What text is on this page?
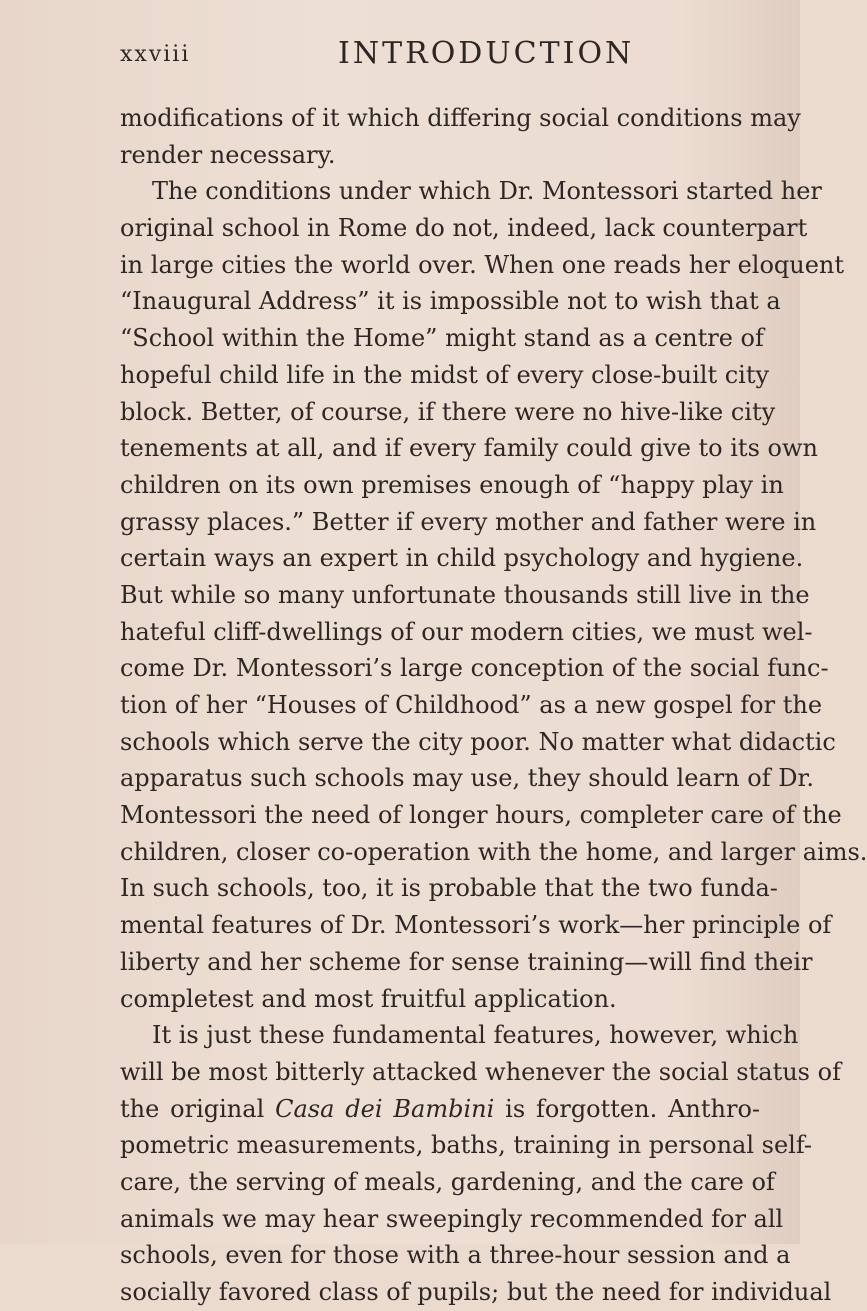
xxviii	INTRODUCTION
modifications of it which differing social conditions may
render necessary.
The conditions under which Dr. Montessori started her
original school in Rome do not, indeed, lack counterpart
in large cities the world over. When one reads her eloquent
“Inaugural Address” it is impossible not to wish that a
“School within the Home” might stand as a centre of
hopeful child life in the midst of every close-built city
block. Better, of course, if there were no hive-like city
tenements at all, and if every family could give to its own
children on its own premises enough of “happy play in
grassy places.” Better if every mother and father were in
certain ways an expert in child psychology and hygiene.
But while so many unfortunate thousands still live in the
hateful cliff-dwellings of our modern cities, we must wel-
come Dr. Montessori’s large conception of the social func-
tion of her “Houses of Childhood” as a new gospel for the
schools which serve the city poor. No matter what didactic
apparatus such schools may use, they should learn of Dr.
Montessori the need of longer hours, completer care of the
children, closer co-operation with the home, and larger aims.
In such schools, too, it is probable that the two funda-
mental features of Dr. Montessori’s work—her principle of
liberty and her scheme for sense training—will find their
completest and most fruitful application.
It is just these fundamental features, however, which
will be most bitterly attacked whenever the social status of
the original Casa dei Bambini is forgotten. Anthro-
pometric measurements, baths, training in personal self-
care, the serving of meals, gardening, and the care of
animals we may hear sweepingly recommended for all
schools, even for those with a three-hour session and a
socially favored class of pupils; but the need for individual
